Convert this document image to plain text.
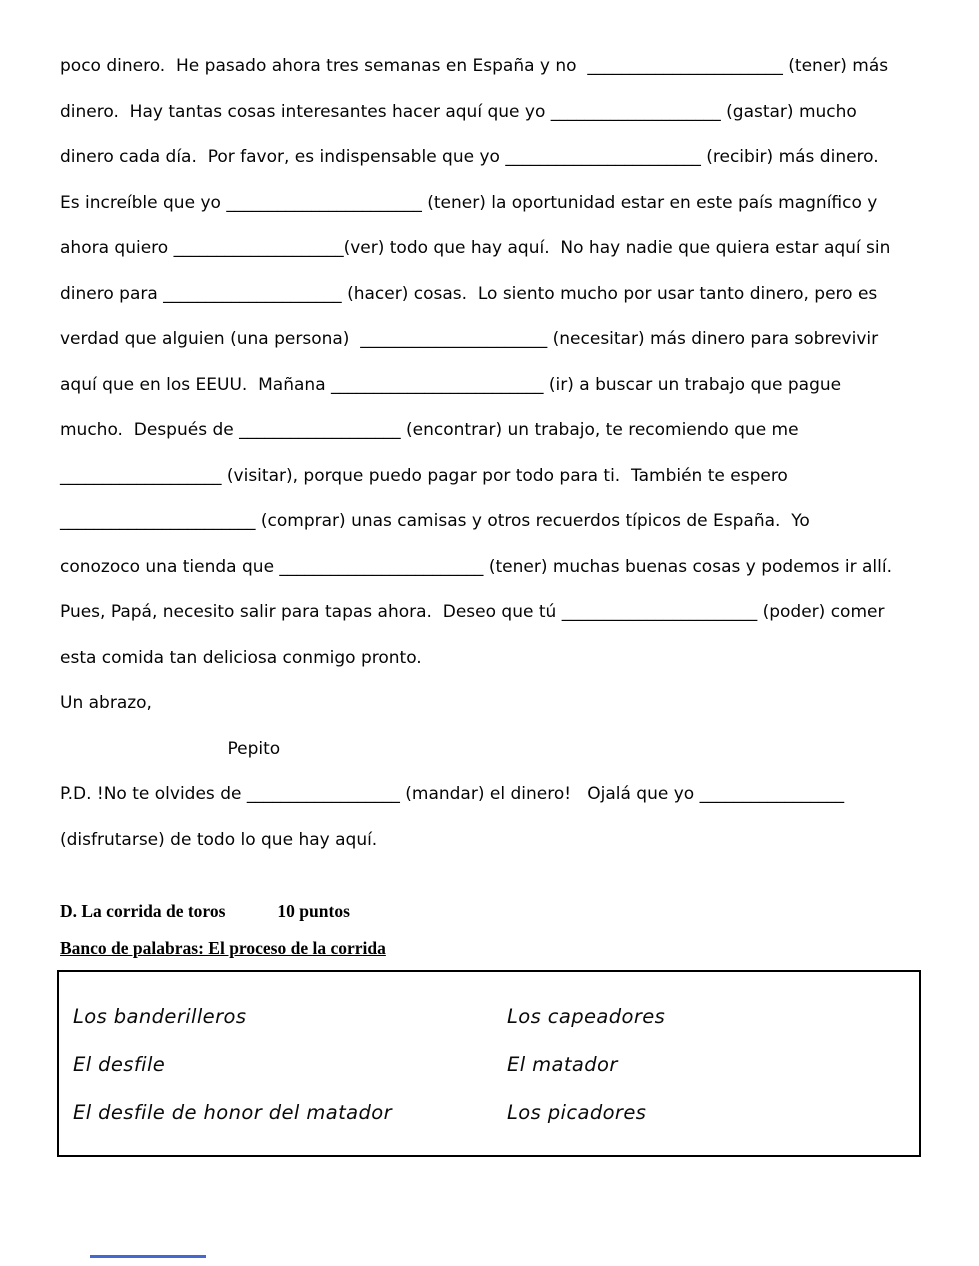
poco dinero.  He pasado ahora tres semanas en España y no  _______________________ (tener) más
dinero.  Hay tantas cosas interesantes hacer aquí que yo ____________________ (gastar) mucho
dinero cada día.  Por favor, es indispensable que yo _______________________ (recibir) más dinero.
Es increíble que yo _______________________ (tener) la oportunidad estar en este país magnífico y
ahora quiero ____________________(ver) todo que hay aquí.  No hay nadie que quiera estar aquí sin
dinero para _____________________ (hacer) cosas.  Lo siento mucho por usar tanto dinero, pero es
verdad que alguien (una persona)  ______________________ (necesitar) más dinero para sobrevivir
aquí que en los EEUU.  Mañana _________________________ (ir) a buscar un trabajo que pague
mucho.  Después de ___________________ (encontrar) un trabajo, te recomiendo que me
___________________ (visitar), porque puedo pagar por todo para ti.  También te espero
_______________________ (comprar) unas camisas y otros recuerdos típicos de España.  Yo
conozoco una tienda que ________________________ (tener) muchas buenas cosas y podemos ir allí.
Pues, Papá, necesito salir para tapas ahora.  Deseo que tú _______________________ (poder) comer
esta comida tan deliciosa conmigo pronto.
Un abrazo,
Pepito
P.D. !No te olvides de __________________ (mandar) el dinero!   Ojalá que yo _________________
(disfrutarse) de todo lo que hay aquí.
D. La corrida de toros	10 puntos
Banco de palabras: El proceso de la corrida
Los banderilleros
El desfile
El desfile de honor del matador
Los capeadores
El matador
Los picadores
